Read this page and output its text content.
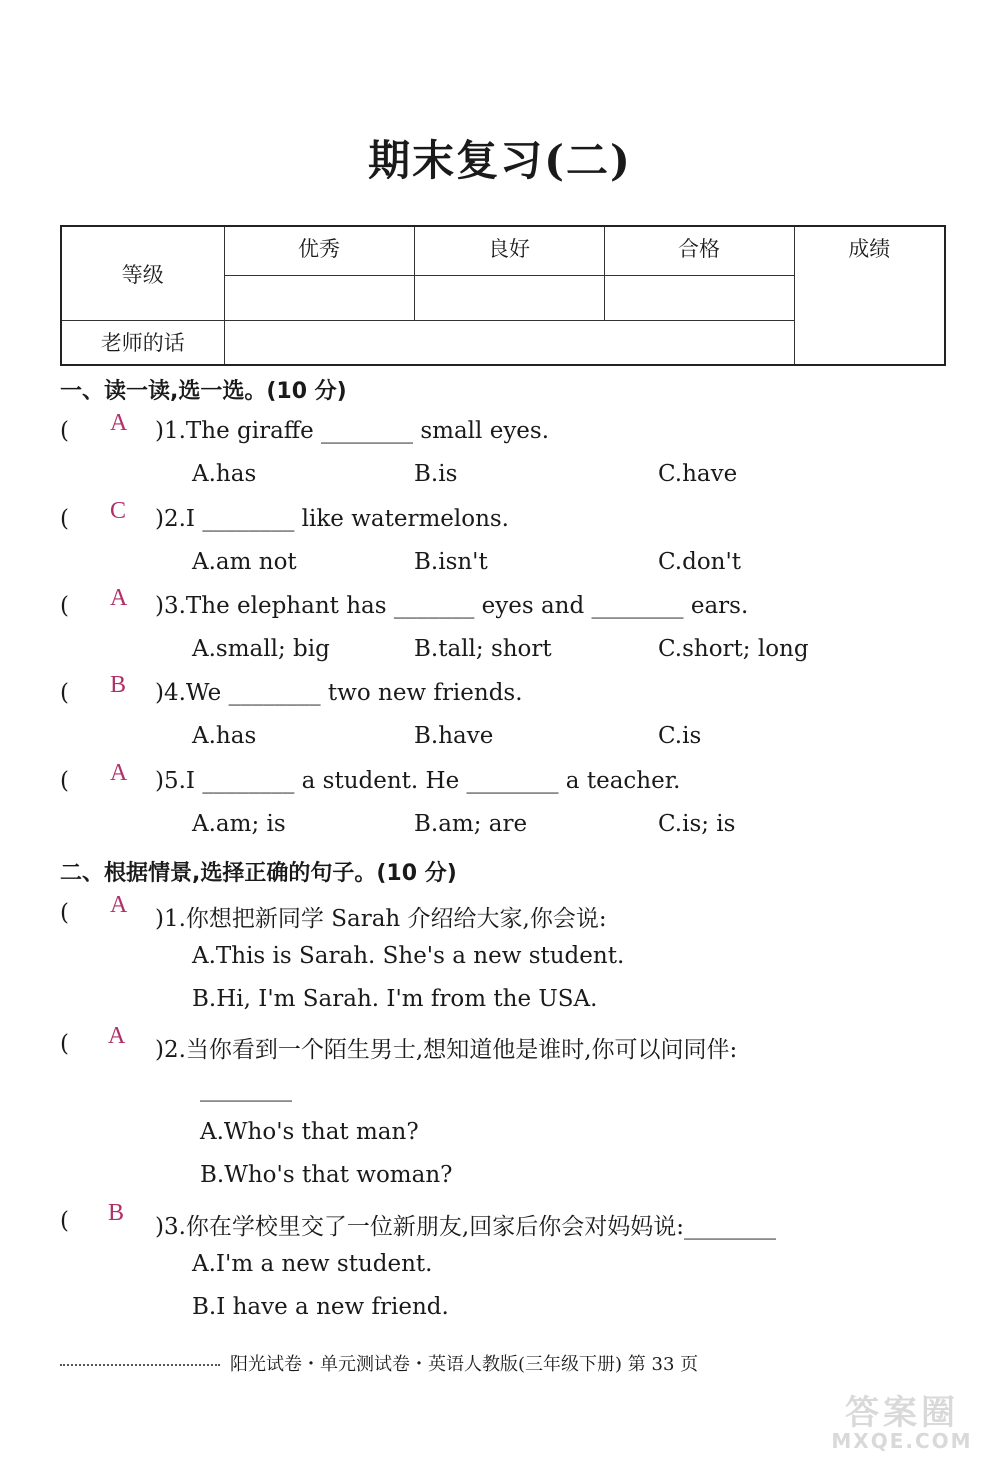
期末复习(二)
等级	优秀	良好	合格	成绩

老师的话				
一、读一读,选一选。(10 分)
( A )1.The giraffe ________ small eyes.
A.has	B.is	C.have
( C )2.I ________ like watermelons.
A.am not	B.isn't	C.don't
( A )3.The elephant has _______ eyes and ________ ears.
A.small; big	B.tall; short	C.short; long
( B )4.We ________ two new friends.
A.has	B.have	C.is
( A )5.I ________ a student. He ________ a teacher.
A.am; is	B.am; are	C.is; is
二、根据情景,选择正确的句子。(10 分)
( A
)1.你想把新同学 Sarah 介绍给大家,你会说:
A.This is Sarah. She's a new student.
B.Hi, I'm Sarah. I'm from the USA.
( A
)2.当你看到一个陌生男士,想知道他是谁时,你可以问同伴:
________
A.Who's that man?
B.Who's that woman?
( B
)3.你在学校里交了一位新朋友,回家后你会对妈妈说:________
A.I'm a new student.
B.I have a new friend.
阳光试卷・单元测试卷・英语人教版(三年级下册) 第 33 页
答案圈
MXQE.COM
